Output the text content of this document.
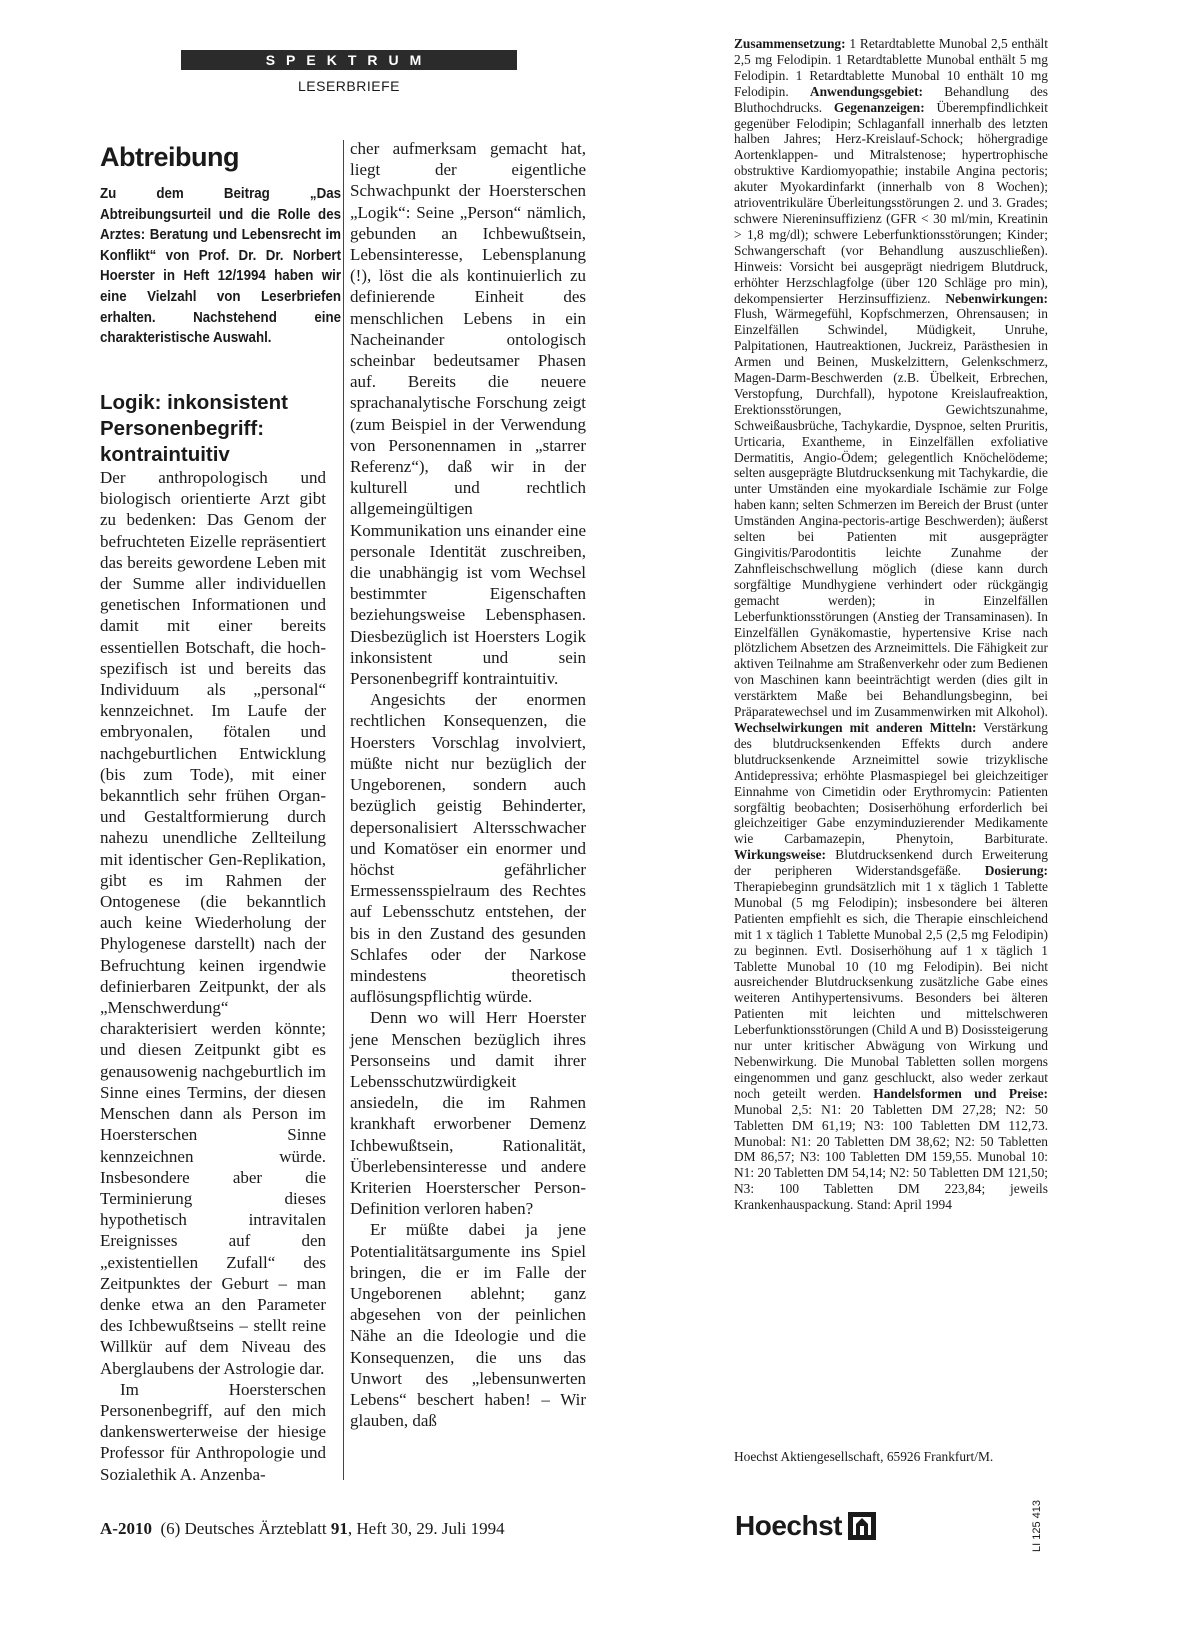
SPEKTRUM
LESERBRIEFE
Abtreibung
Zu dem Beitrag „Das Abtreibungsurteil und die Rolle des Arztes: Beratung und Lebensrecht im Konflikt“ von Prof. Dr. Dr. Norbert Hoerster in Heft 12/1994 haben wir eine Vielzahl von Leserbriefen erhalten. Nachstehend eine charakteristische Auswahl.
Logik: inkonsistent Personenbegriff: kontraintuitiv

Der anthropologisch und biologisch orientierte Arzt gibt zu bedenken: Das Genom der befruchteten Eizelle repräsentiert das bereits gewordene Leben mit der Summe aller individuellen genetischen Informationen und damit mit einer bereits essentiellen Botschaft, die hoch-spezifisch ist und bereits das Individuum als „personal“ kennzeichnet. Im Laufe der embryonalen, fötalen und nachgeburtlichen Entwicklung (bis zum Tode), mit einer bekanntlich sehr frühen Organ- und Gestaltformierung durch nahezu unendliche Zellteilung mit identischer Gen-Replikation, gibt es im Rahmen der Ontogenese (die bekanntlich auch keine Wiederholung der Phylogenese darstellt) nach der Befruchtung keinen irgendwie definierbaren Zeitpunkt, der als „Menschwerdung“ charakterisiert werden könnte; und diesen Zeitpunkt gibt es genausowenig nachgeburtlich im Sinne eines Termins, der diesen Menschen dann als Person im Hoersterschen Sinne kennzeichnen würde. Insbesondere aber die Terminierung dieses hypothetisch intravitalen Ereignisses auf den „existentiellen Zufall“ des Zeitpunktes der Geburt – man denke etwa an den Parameter des Ichbewußtseins – stellt reine Willkür auf dem Niveau des Aberglaubens der Astrologie dar.

Im Hoersterschen Personenbegriff, auf den mich dankenswerterweise der hiesige Professor für Anthropologie und Sozialethik A. Anzenba-

cher aufmerksam gemacht hat, liegt der eigentliche Schwachpunkt der Hoersterschen „Logik“: Seine „Person“ nämlich, gebunden an Ichbewußtsein, Lebensinteresse, Lebensplanung (!), löst die als kontinuierlich zu definierende Einheit des menschlichen Lebens in ein Nacheinander ontologisch scheinbar bedeutsamer Phasen auf. Bereits die neuere sprachanalytische Forschung zeigt (zum Beispiel in der Verwendung von Personennamen in „starrer Referenz“), daß wir in der kulturell und rechtlich allgemeingültigen Kommunikation uns einander eine personale Identität zuschreiben, die unabhängig ist vom Wechsel bestimmter Eigenschaften beziehungsweise Lebensphasen. Diesbezüglich ist Hoersters Logik inkonsistent und sein Personenbegriff kontraintuitiv.

Angesichts der enormen rechtlichen Konsequenzen, die Hoersters Vorschlag involviert, müßte nicht nur bezüglich der Ungeborenen, sondern auch bezüglich geistig Behinderter, depersonalisiert Altersschwacher und Komatöser ein enormer und höchst gefährlicher Ermessensspielraum des Rechtes auf Lebensschutz entstehen, der bis in den Zustand des gesunden Schlafes oder der Narkose mindestens theoretisch auflösungspflichtig würde.

Denn wo will Herr Hoerster jene Menschen bezüglich ihres Personseins und damit ihrer Lebensschutzwürdigkeit ansiedeln, die im Rahmen krankhaft erworbener Demenz Ichbewußtsein, Rationalität, Überlebensinteresse und andere Kriterien Hoersterscher Person-Definition verloren haben?

Er müßte dabei ja jene Potentialitätsargumente ins Spiel bringen, die er im Falle der Ungeborenen ablehnt; ganz abgesehen von der peinlichen Nähe an die Ideologie und die Konsequenzen, die uns das Unwort des „lebensunwerten Lebens“ beschert haben! – Wir glauben, daß

Zusammensetzung: 1 Retardtablette Munobal 2,5 enthält 2,5 mg Felodipin. 1 Retardtablette Munobal enthält 5 mg Felodipin. 1 Retardtablette Munobal 10 enthält 10 mg Felodipin. Anwendungsgebiet: Behandlung des Bluthochdrucks. Gegenanzeigen: Überempfindlichkeit gegenüber Felodipin; Schlaganfall innerhalb des letzten halben Jahres; Herz-Kreislauf-Schock; höhergradige Aortenklappen- und Mitralstenose; hypertrophische obstruktive Kardiomyopathie; instabile Angina pectoris; akuter Myokardinfarkt (innerhalb von 8 Wochen); atrioventrikuläre Überleitungsstörungen 2. und 3. Grades; schwere Niereninsuffizienz (GFR < 30 ml/min, Kreatinin > 1,8 mg/dl); schwere Leberfunktionsstörungen; Kinder; Schwangerschaft (vor Behandlung auszuschließen). Hinweis: Vorsicht bei ausgeprägt niedrigem Blutdruck, erhöhter Herzschlagfolge (über 120 Schläge pro min), dekompensierter Herzinsuffizienz. Nebenwirkungen: Flush, Wärmegefühl, Kopfschmerzen, Ohrensausen; in Einzelfällen Schwindel, Müdigkeit, Unruhe, Palpitationen, Hautreaktionen, Juckreiz, Parästhesien in Armen und Beinen, Muskelzittern, Gelenkschmerz, Magen-Darm-Beschwerden (z.B. Übelkeit, Erbrechen, Verstopfung, Durchfall), hypotone Kreislaufreaktion, Erektionsstörungen, Gewichtszunahme, Schweißausbrüche, Tachykardie, Dyspnoe, selten Pruritis, Urticaria, Exantheme, in Einzelfällen exfoliative Dermatitis, Angio-Ödem; gelegentlich Knöchelödeme; selten ausgeprägte Blutdrucksenkung mit Tachykardie, die unter Umständen eine myokardiale Ischämie zur Folge haben kann; selten Schmerzen im Bereich der Brust (unter Umständen Angina-pectoris-artige Beschwerden); äußerst selten bei Patienten mit ausgeprägter Gingivitis/Parodontitis leichte Zunahme der Zahnfleischschwellung möglich (diese kann durch sorgfältige Mundhygiene verhindert oder rückgängig gemacht werden); in Einzelfällen Leberfunktionsstörungen (Anstieg der Transaminasen). In Einzelfällen Gynäkomastie, hypertensive Krise nach plötzlichem Absetzen des Arzneimittels. Die Fähigkeit zur aktiven Teilnahme am Straßenverkehr oder zum Bedienen von Maschinen kann beeinträchtigt werden (dies gilt in verstärktem Maße bei Behandlungsbeginn, bei Präparatewechsel und im Zusammenwirken mit Alkohol). Wechselwirkungen mit anderen Mitteln: Verstärkung des blutdrucksenkenden Effekts durch andere blutdrucksenkende Arzneimittel sowie trizyklische Antidepressiva; erhöhte Plasmaspiegel bei gleichzeitiger Einnahme von Cimetidin oder Erythromycin: Patienten sorgfältig beobachten; Dosiserhöhung erforderlich bei gleichzeitiger Gabe enzyminduzierender Medikamente wie Carbamazepin, Phenytoin, Barbiturate. Wirkungsweise: Blutdrucksenkend durch Erweiterung der peripheren Widerstandsgefäße. Dosierung: Therapiebeginn grundsätzlich mit 1 x täglich 1 Tablette Munobal (5 mg Felodipin); insbesondere bei älteren Patienten empfiehlt es sich, die Therapie einschleichend mit 1 x täglich 1 Tablette Munobal 2,5 (2,5 mg Felodipin) zu beginnen. Evtl. Dosiserhöhung auf 1 x täglich 1 Tablette Munobal 10 (10 mg Felodipin). Bei nicht ausreichender Blutdrucksenkung zusätzliche Gabe eines weiteren Antihypertensivums. Besonders bei älteren Patienten mit leichten und mittelschweren Leberfunktionsstörungen (Child A und B) Dosissteigerung nur unter kritischer Abwägung von Wirkung und Nebenwirkung. Die Munobal Tabletten sollen morgens eingenommen und ganz geschluckt, also weder zerkaut noch geteilt werden. Handelsformen und Preise: Munobal 2,5: N1: 20 Tabletten DM 27,28; N2: 50 Tabletten DM 61,19; N3: 100 Tabletten DM 112,73. Munobal: N1: 20 Tabletten DM 38,62; N2: 50 Tabletten DM 86,57; N3: 100 Tabletten DM 159,55. Munobal 10: N1: 20 Tabletten DM 54,14; N2: 50 Tabletten DM 121,50; N3: 100 Tabletten DM 223,84; jeweils Krankenhauspackung. Stand: April 1994
Hoechst Aktiengesellschaft, 65926 Frankfurt/M.
A-2010 (6) Deutsches Ärzteblatt 91, Heft 30, 29. Juli 1994	Hoechst	LI 125 413
